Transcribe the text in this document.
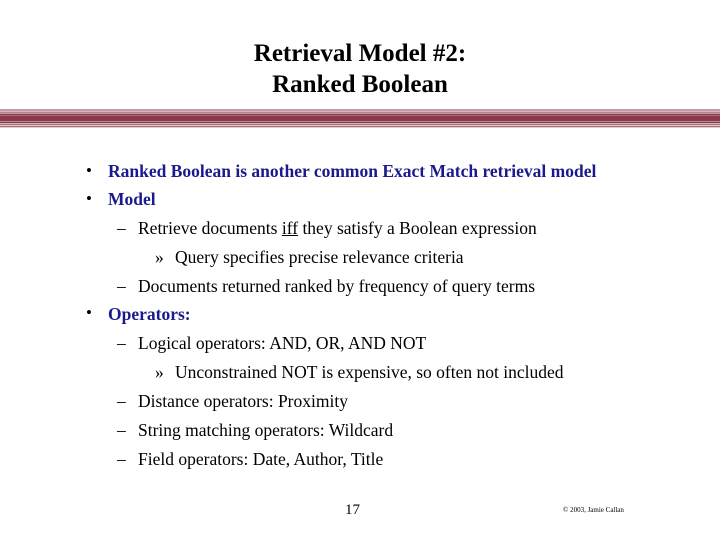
Retrieval Model #2:
Ranked Boolean
• Ranked Boolean is another common Exact Match retrieval model
• Model
– Retrieve documents iff they satisfy a Boolean expression
» Query specifies precise relevance criteria
– Documents returned ranked by frequency of query terms
• Operators:
– Logical operators: AND, OR, AND NOT
» Unconstrained NOT is expensive, so often not included
– Distance operators: Proximity
– String matching operators: Wildcard
– Field operators: Date, Author, Title
17	© 2003, Jamie Callan
